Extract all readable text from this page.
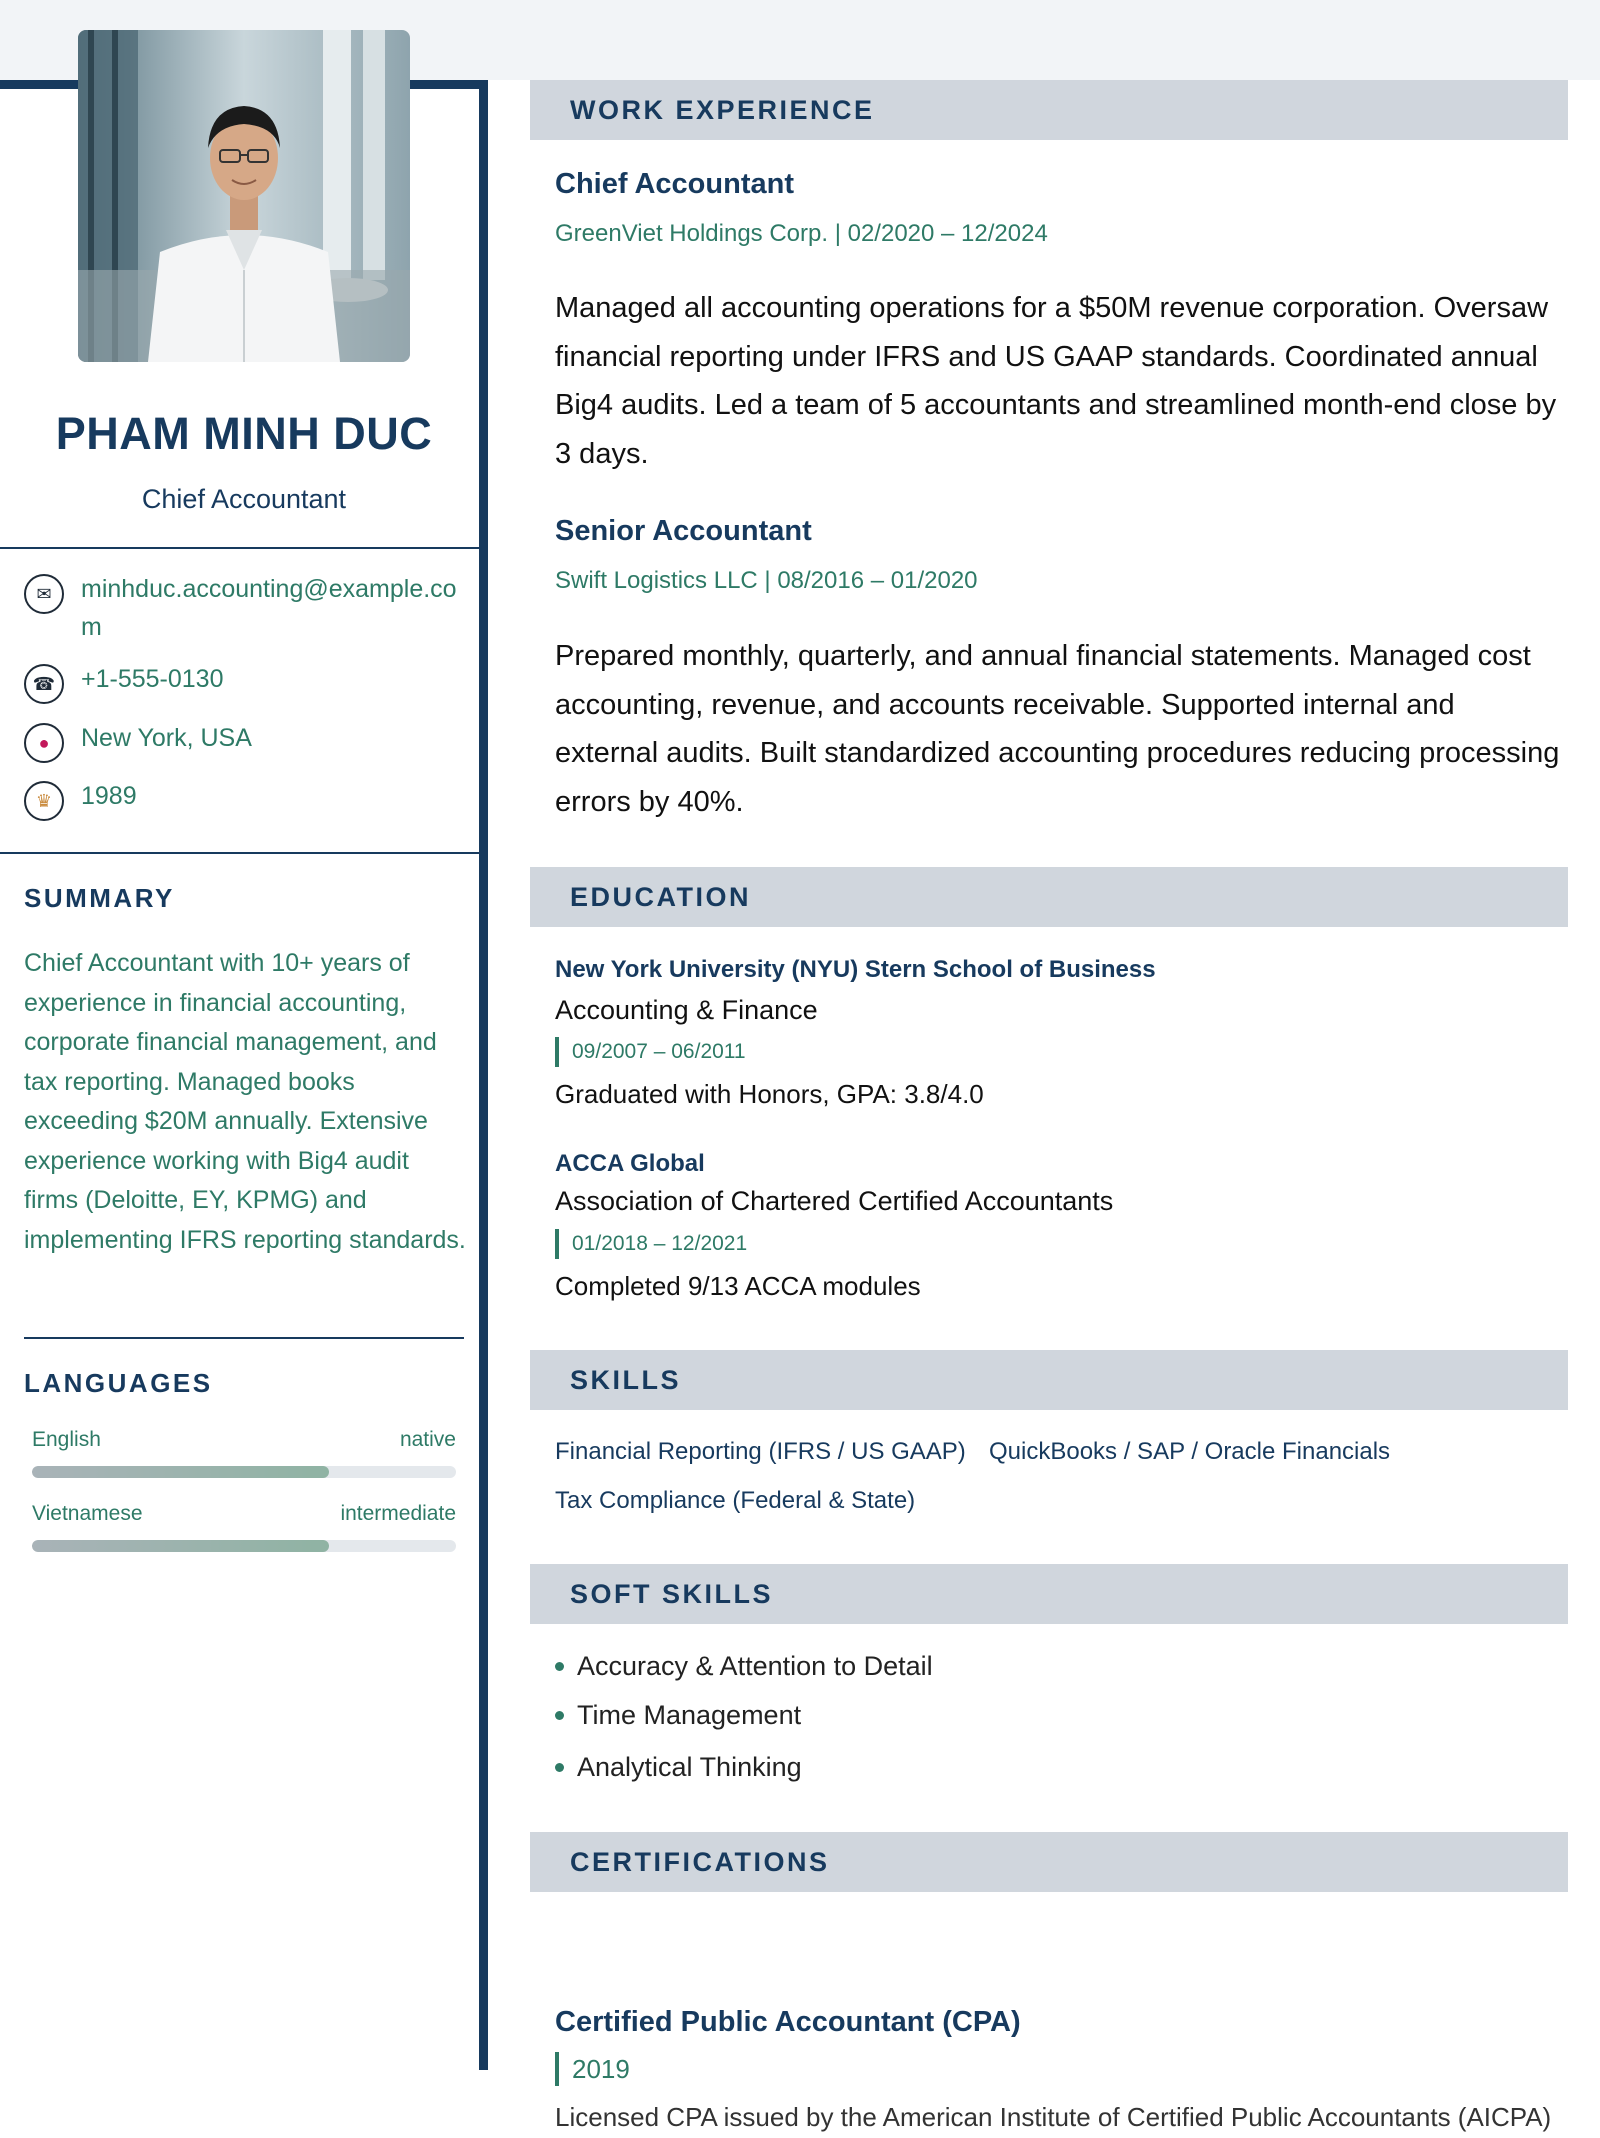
PHAM MINH DUC
Chief Accountant
✉	minhduc.accounting@example.com
☎	+1-555-0130
●	New York, USA
♛	1989
SUMMARY

Chief Accountant with 10+ years of experience in financial accounting, corporate financial management, and tax reporting. Managed books exceeding $20M annually. Extensive experience working with Big4 audit firms (Deloitte, EY, KPMG) and implementing IFRS reporting standards.

LANGUAGES
English	native
Vietnamese	intermediate
WORK EXPERIENCE
Chief Accountant
GreenViet Holdings Corp. | 02/2020 – 12/2024

Managed all accounting operations for a $50M revenue corporation. Oversaw financial reporting under IFRS and US GAAP standards. Coordinated annual Big4 audits. Led a team of 5 accountants and streamlined month-end close by 3 days.

Senior Accountant
Swift Logistics LLC | 08/2016 – 01/2020

Prepared monthly, quarterly, and annual financial statements. Managed cost accounting, revenue, and accounts receivable. Supported internal and external audits. Built standardized accounting procedures reducing processing errors by 40%.

EDUCATION
New York University (NYU) Stern School of Business
Accounting & Finance
09/2007 – 06/2011
Graduated with Honors, GPA: 3.8/4.0
ACCA Global
Association of Chartered Certified Accountants
01/2018 – 12/2021
Completed 9/13 ACCA modules
SKILLS
Financial Reporting (IFRS / US GAAP) QuickBooks / SAP / Oracle Financials
Tax Compliance (Federal & State)
SOFT SKILLS
Accuracy & Attention to Detail
Time Management
Analytical Thinking
CERTIFICATIONS
Certified Public Accountant (CPA)
2019

Licensed CPA issued by the American Institute of Certified Public Accountants (AICPA)
